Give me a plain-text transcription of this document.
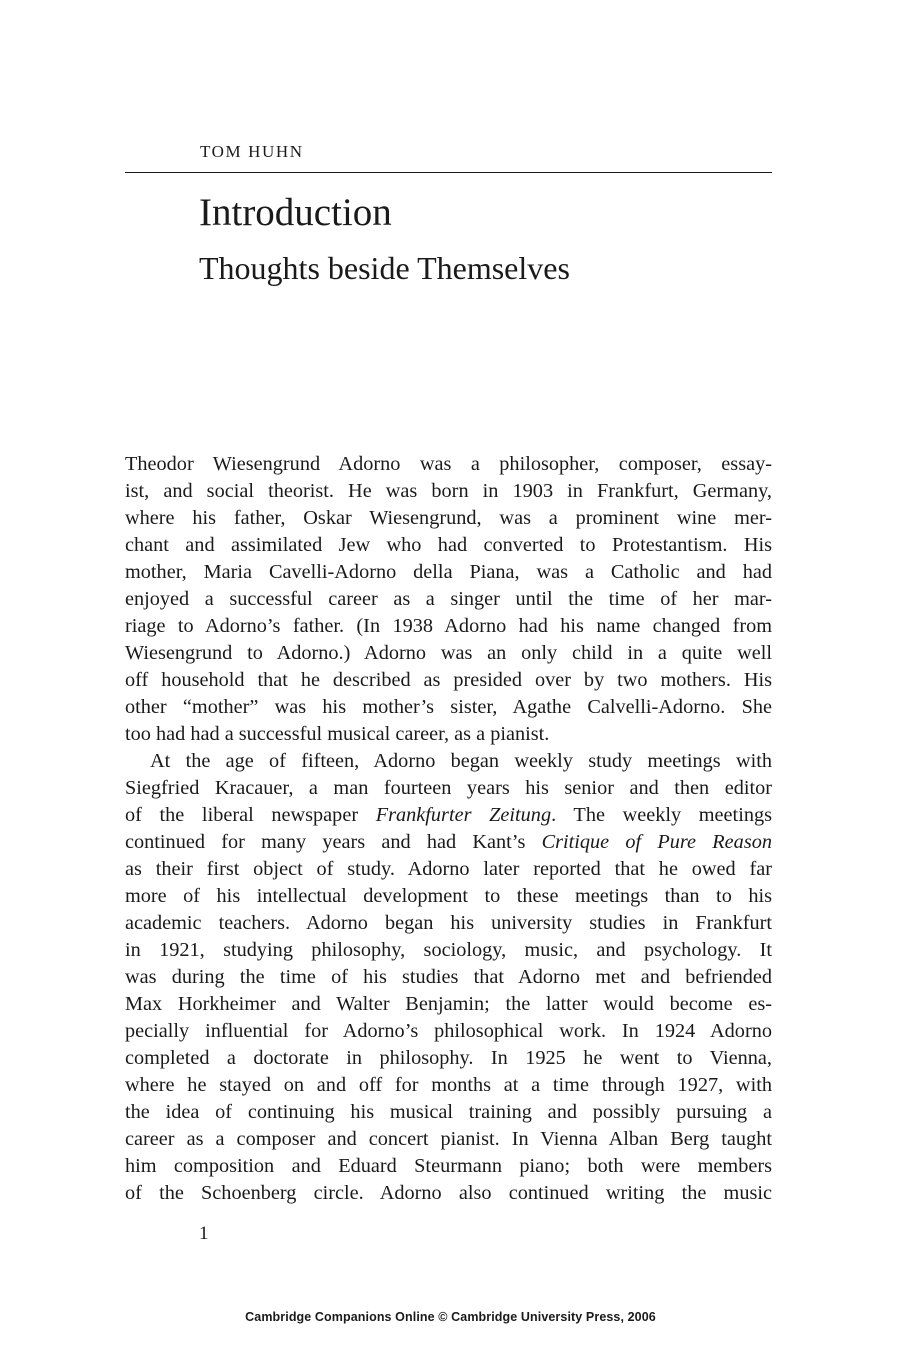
TOM HUHN
Introduction
Thoughts beside Themselves
Theodor Wiesengrund Adorno was a philosopher, composer, essay-
ist, and social theorist. He was born in 1903 in Frankfurt, Germany,
where his father, Oskar Wiesengrund, was a prominent wine mer-
chant and assimilated Jew who had converted to Protestantism. His
mother, Maria Cavelli-Adorno della Piana, was a Catholic and had
enjoyed a successful career as a singer until the time of her mar-
riage to Adorno’s father. (In 1938 Adorno had his name changed from
Wiesengrund to Adorno.) Adorno was an only child in a quite well
off household that he described as presided over by two mothers. His
other “mother” was his mother’s sister, Agathe Calvelli-Adorno. She
too had had a successful musical career, as a pianist.
At the age of fifteen, Adorno began weekly study meetings with
Siegfried Kracauer, a man fourteen years his senior and then editor
of the liberal newspaper Frankfurter Zeitung. The weekly meetings
continued for many years and had Kant’s Critique of Pure Reason
as their first object of study. Adorno later reported that he owed far
more of his intellectual development to these meetings than to his
academic teachers. Adorno began his university studies in Frankfurt
in 1921, studying philosophy, sociology, music, and psychology. It
was during the time of his studies that Adorno met and befriended
Max Horkheimer and Walter Benjamin; the latter would become es-
pecially influential for Adorno’s philosophical work. In 1924 Adorno
completed a doctorate in philosophy. In 1925 he went to Vienna,
where he stayed on and off for months at a time through 1927, with
the idea of continuing his musical training and possibly pursuing a
career as a composer and concert pianist. In Vienna Alban Berg taught
him composition and Eduard Steurmann piano; both were members
of the Schoenberg circle. Adorno also continued writing the music
1
Cambridge Companions Online © Cambridge University Press, 2006
